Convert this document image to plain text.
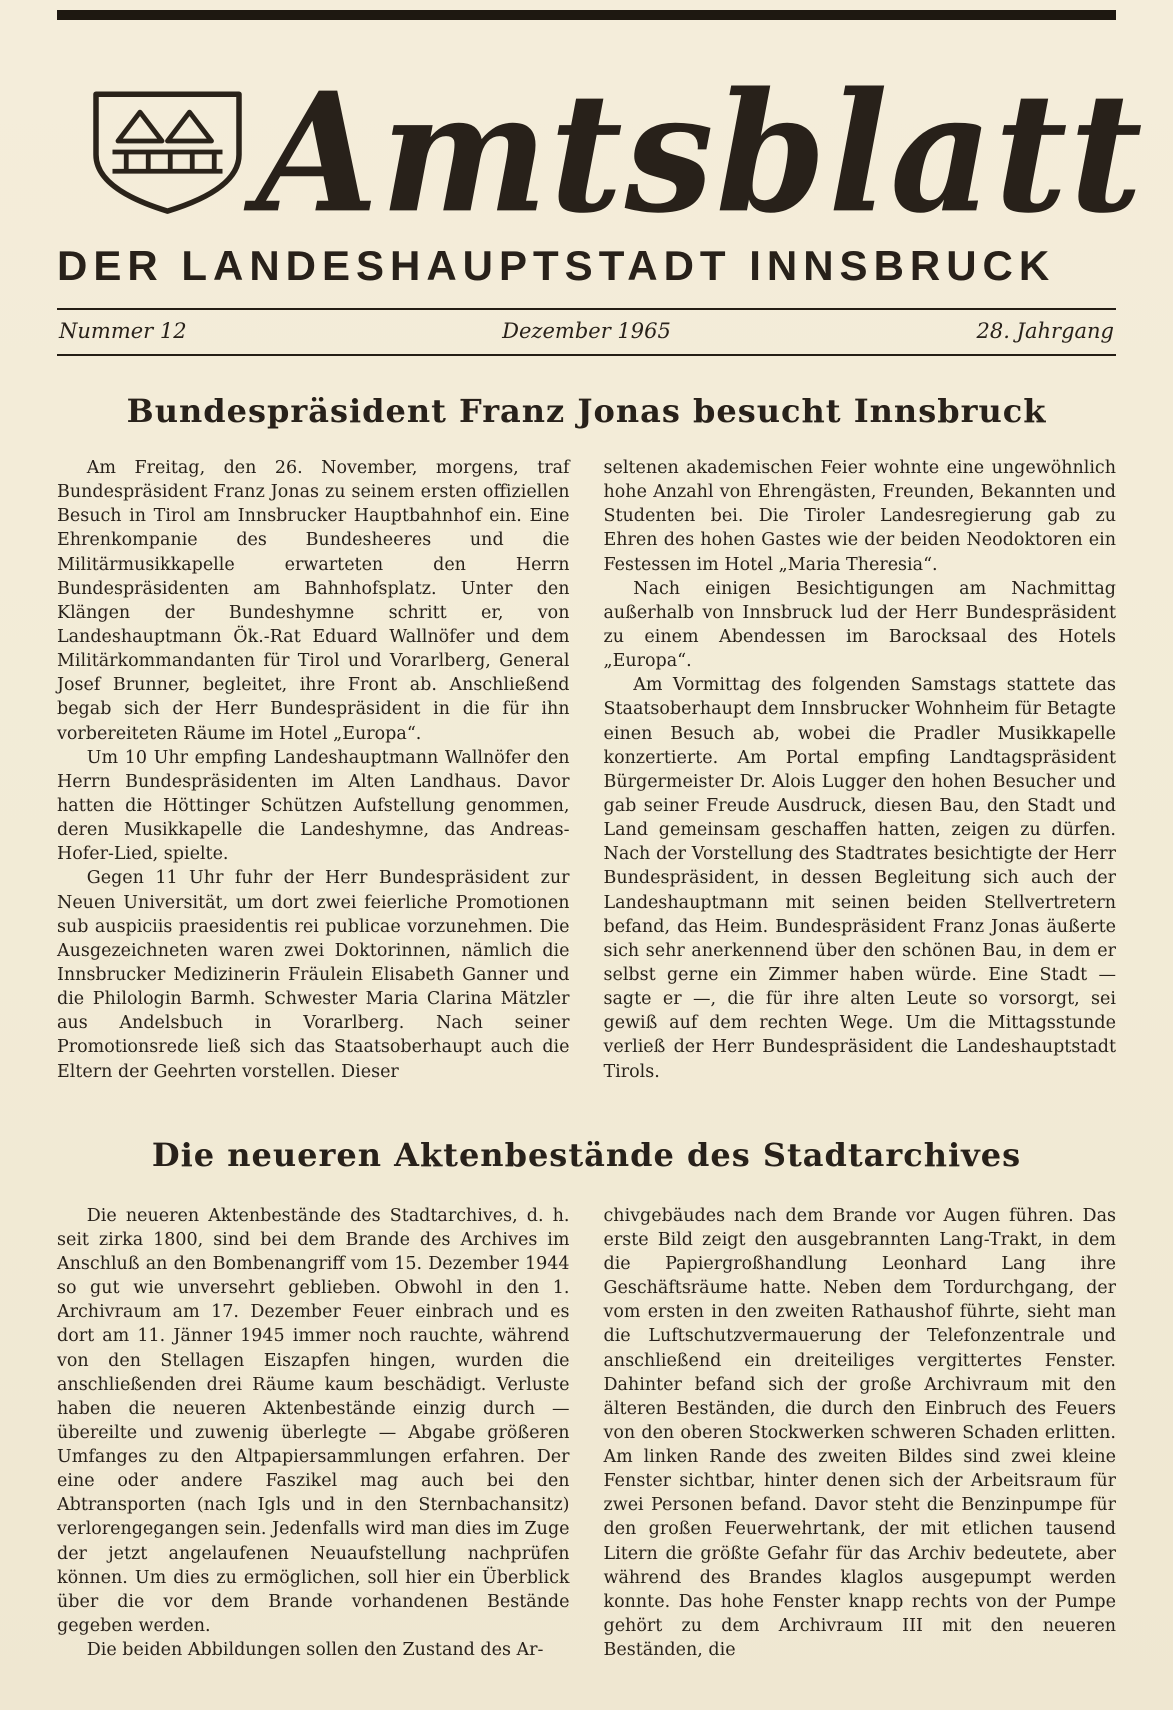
Amtsblatt
DER LANDESHAUPTSTADT INNSBRUCK
Nummer 12	Dezember 1965	28. Jahrgang
Bundespräsident Franz Jonas besucht Innsbruck

Am Freitag, den 26. November, morgens, traf Bundespräsident Franz Jonas zu seinem ersten offiziellen Besuch in Tirol am Innsbrucker Hauptbahnhof ein. Eine Ehrenkompanie des Bundesheeres und die Militärmusikkapelle erwarteten den Herrn Bundespräsidenten am Bahnhofsplatz. Unter den Klängen der Bundeshymne schritt er, von Landeshauptmann Ök.-Rat Eduard Wallnöfer und dem Militärkommandanten für Tirol und Vorarlberg, General Josef Brunner, begleitet, ihre Front ab. Anschließend begab sich der Herr Bundespräsident in die für ihn vorbereiteten Räume im Hotel „Europa“.

Um 10 Uhr empfing Landeshauptmann Wallnöfer den Herrn Bundespräsidenten im Alten Landhaus. Davor hatten die Höttinger Schützen Aufstellung genommen, deren Musikkapelle die Landeshymne, das Andreas-Hofer-Lied, spielte.

Gegen 11 Uhr fuhr der Herr Bundespräsident zur Neuen Universität, um dort zwei feierliche Promotionen sub auspiciis praesidentis rei publicae vorzunehmen. Die Ausgezeichneten waren zwei Doktorinnen, nämlich die Innsbrucker Medizinerin Fräulein Elisabeth Ganner und die Philologin Barmh. Schwester Maria Clarina Mätzler aus Andelsbuch in Vorarlberg. Nach seiner Promotionsrede ließ sich das Staatsoberhaupt auch die Eltern der Geehrten vorstellen. Dieser

seltenen akademischen Feier wohnte eine ungewöhnlich hohe Anzahl von Ehrengästen, Freunden, Bekannten und Studenten bei. Die Tiroler Landesregierung gab zu Ehren des hohen Gastes wie der beiden Neodoktoren ein Festessen im Hotel „Maria Theresia“.

Nach einigen Besichtigungen am Nachmittag außerhalb von Innsbruck lud der Herr Bundespräsident zu einem Abendessen im Barocksaal des Hotels „Europa“.

Am Vormittag des folgenden Samstags stattete das Staatsoberhaupt dem Innsbrucker Wohnheim für Betagte einen Besuch ab, wobei die Pradler Musikkapelle konzertierte. Am Portal empfing Landtagspräsident Bürgermeister Dr. Alois Lugger den hohen Besucher und gab seiner Freude Ausdruck, diesen Bau, den Stadt und Land gemeinsam geschaffen hatten, zeigen zu dürfen. Nach der Vorstellung des Stadtrates besichtigte der Herr Bundespräsident, in dessen Begleitung sich auch der Landeshauptmann mit seinen beiden Stellvertretern befand, das Heim. Bundespräsident Franz Jonas äußerte sich sehr anerkennend über den schönen Bau, in dem er selbst gerne ein Zimmer haben würde. Eine Stadt — sagte er —, die für ihre alten Leute so vorsorgt, sei gewiß auf dem rechten Wege. Um die Mittagsstunde verließ der Herr Bundespräsident die Landeshauptstadt Tirols.

Die neueren Aktenbestände des Stadtarchives

Die neueren Aktenbestände des Stadtarchives, d. h. seit zirka 1800, sind bei dem Brande des Archives im Anschluß an den Bombenangriff vom 15. Dezember 1944 so gut wie unversehrt geblieben. Obwohl in den 1. Archivraum am 17. Dezember Feuer einbrach und es dort am 11. Jänner 1945 immer noch rauchte, während von den Stellagen Eiszapfen hingen, wurden die anschließenden drei Räume kaum beschädigt. Verluste haben die neueren Aktenbestände einzig durch — übereilte und zuwenig überlegte — Abgabe größeren Umfanges zu den Altpapiersammlungen erfahren. Der eine oder andere Faszikel mag auch bei den Abtransporten (nach Igls und in den Sternbachansitz) verlorengegangen sein. Jedenfalls wird man dies im Zuge der jetzt angelaufenen Neuaufstellung nachprüfen können. Um dies zu ermöglichen, soll hier ein Überblick über die vor dem Brande vorhandenen Bestände gegeben werden.

Die beiden Abbildungen sollen den Zustand des Ar-

chivgebäudes nach dem Brande vor Augen führen. Das erste Bild zeigt den ausgebrannten Lang-Trakt, in dem die Papiergroßhandlung Leonhard Lang ihre Geschäftsräume hatte. Neben dem Tordurchgang, der vom ersten in den zweiten Rathaushof führte, sieht man die Luftschutzvermauerung der Telefonzentrale und anschließend ein dreiteiliges vergittertes Fenster. Dahinter befand sich der große Archivraum mit den älteren Beständen, die durch den Einbruch des Feuers von den oberen Stockwerken schweren Schaden erlitten. Am linken Rande des zweiten Bildes sind zwei kleine Fenster sichtbar, hinter denen sich der Arbeitsraum für zwei Personen befand. Davor steht die Benzinpumpe für den großen Feuerwehrtank, der mit etlichen tausend Litern die größte Gefahr für das Archiv bedeutete, aber während des Brandes klaglos ausgepumpt werden konnte. Das hohe Fenster knapp rechts von der Pumpe gehört zu dem Archivraum III mit den neueren Beständen, die
